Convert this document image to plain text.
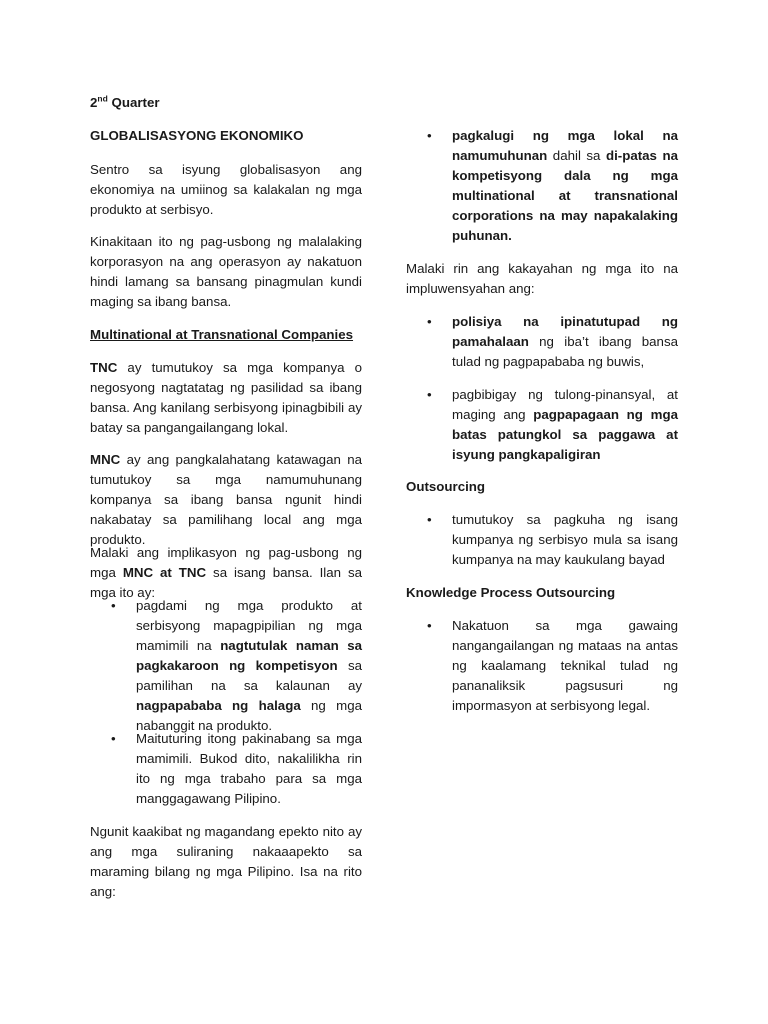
2nd Quarter

GLOBALISASYONG EKONOMIKO

Sentro sa isyung globalisasyon ang ekonomiya na umiinog sa kalakalan ng mga produkto at serbisyo.

Kinakitaan ito ng pag-usbong ng malalaking korporasyon na ang operasyon ay nakatuon hindi lamang sa bansang pinagmulan kundi maging sa ibang bansa.

Multinational at Transnational Companies

TNC ay tumutukoy sa mga kompanya o negosyong nagtatatag ng pasilidad sa ibang bansa. Ang kanilang serbisyong ipinagbibili ay batay sa pangangailangang lokal.

MNC ay ang pangkalahatang katawagan na tumutukoy sa mga namumuhunang kompanya sa ibang bansa ngunit hindi nakabatay sa pamilihang local ang mga produkto.

Malaki ang implikasyon ng pag-usbong ng mga MNC at TNC sa isang bansa. Ilan sa mga ito ay:

• pagdami ng mga produkto at serbisyong mapagpipilian ng mga mamimili na nagtutulak naman sa pagkakaroon ng kompetisyon sa pamilihan na sa kalaunan ay nagpapababa ng halaga ng mga nabanggit na produkto.

• Maituturing itong pakinabang sa mga mamimili. Bukod dito, nakalilikha rin ito ng mga trabaho para sa mga manggagawang Pilipino.

Ngunit kaakibat ng magandang epekto nito ay ang mga suliraning nakaaapekto sa maraming bilang ng mga Pilipino. Isa na rito ang:

• pagkalugi ng mga lokal na namumuhunan dahil sa di-patas na kompetisyong dala ng mga multinational at transnational corporations na may napakalaking puhunan.

Malaki rin ang kakayahan ng mga ito na impluwensyahan ang:

• polisiya na ipinatutupad ng pamahalaan ng iba’t ibang bansa tulad ng pagpapababa ng buwis,

• pagbibigay ng tulong-pinansyal, at maging ang pagpapagaan ng mga batas patungkol sa paggawa at isyung pangkapaligiran

Outsourcing

• tumutukoy sa pagkuha ng isang kumpanya ng serbisyo mula sa isang kumpanya na may kaukulang bayad

Knowledge Process Outsourcing

• Nakatuon sa mga gawaing nangangailangan ng mataas na antas ng kaalamang teknikal tulad ng pananaliksik pagsusuri ng impormasyon at serbisyong legal.
